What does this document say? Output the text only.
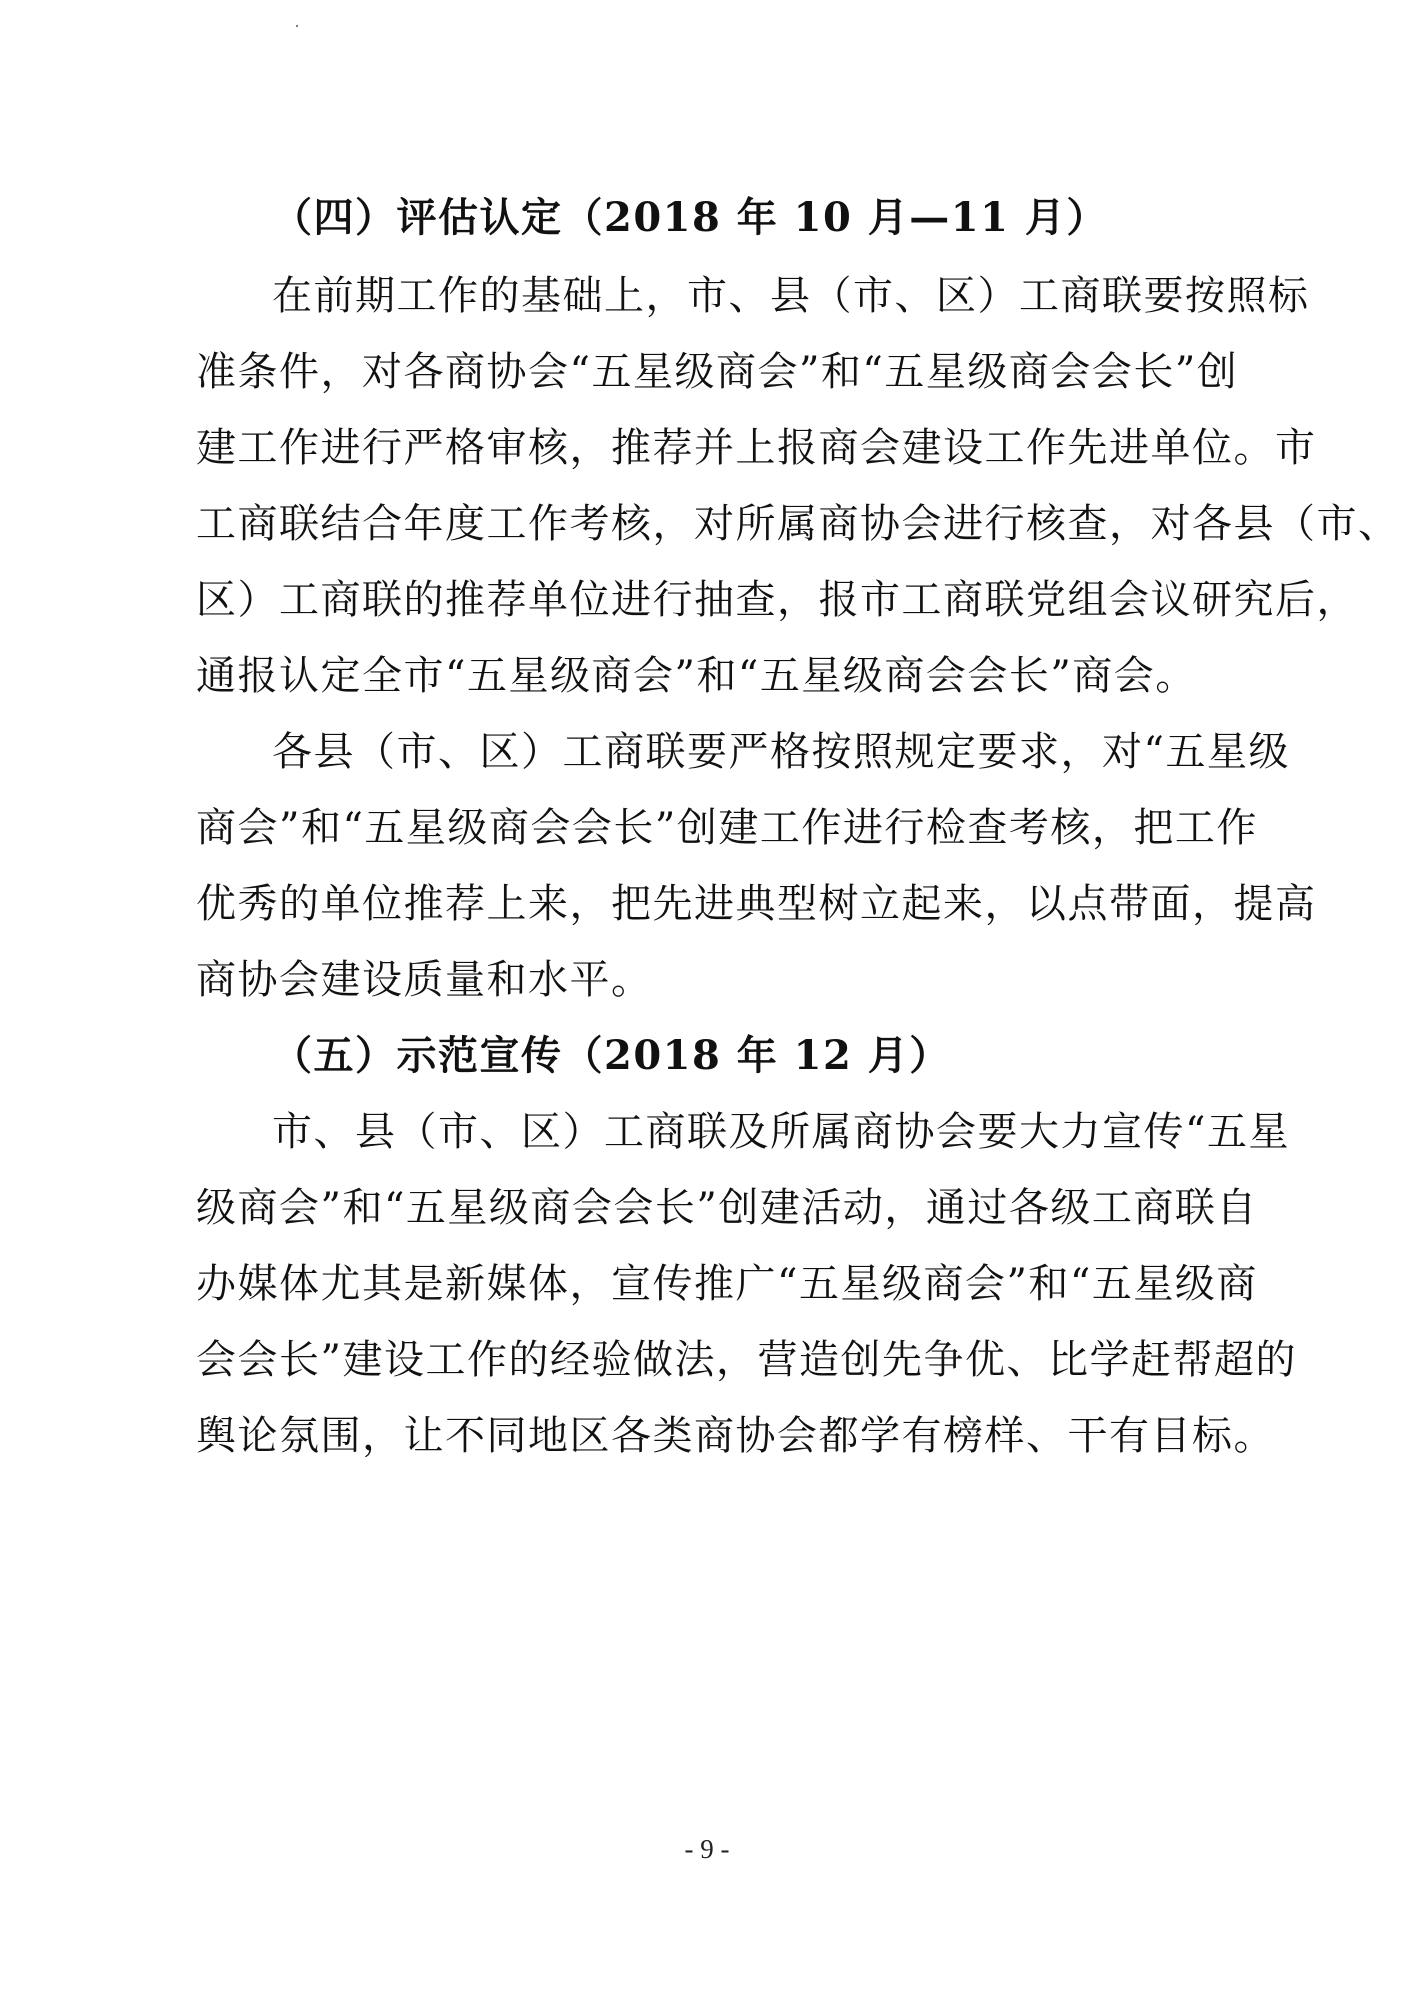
（四）评估认定（2018 年 10 月—11 月）
在前期工作的基础上，市、县（市、区）工商联要按照标
准条件，对各商协会“五星级商会”和“五星级商会会长”创
建工作进行严格审核，推荐并上报商会建设工作先进单位。市
工商联结合年度工作考核，对所属商协会进行核查，对各县（市、
区）工商联的推荐单位进行抽查，报市工商联党组会议研究后，
通报认定全市“五星级商会”和“五星级商会会长”商会。
各县（市、区）工商联要严格按照规定要求，对“五星级
商会”和“五星级商会会长”创建工作进行检查考核，把工作
优秀的单位推荐上来，把先进典型树立起来，以点带面，提高
商协会建设质量和水平。
（五）示范宣传（2018 年 12 月）
市、县（市、区）工商联及所属商协会要大力宣传“五星
级商会”和“五星级商会会长”创建活动，通过各级工商联自
办媒体尤其是新媒体，宣传推广“五星级商会”和“五星级商
会会长”建设工作的经验做法，营造创先争优、比学赶帮超的
舆论氛围，让不同地区各类商协会都学有榜样、干有目标。
- 9 -
